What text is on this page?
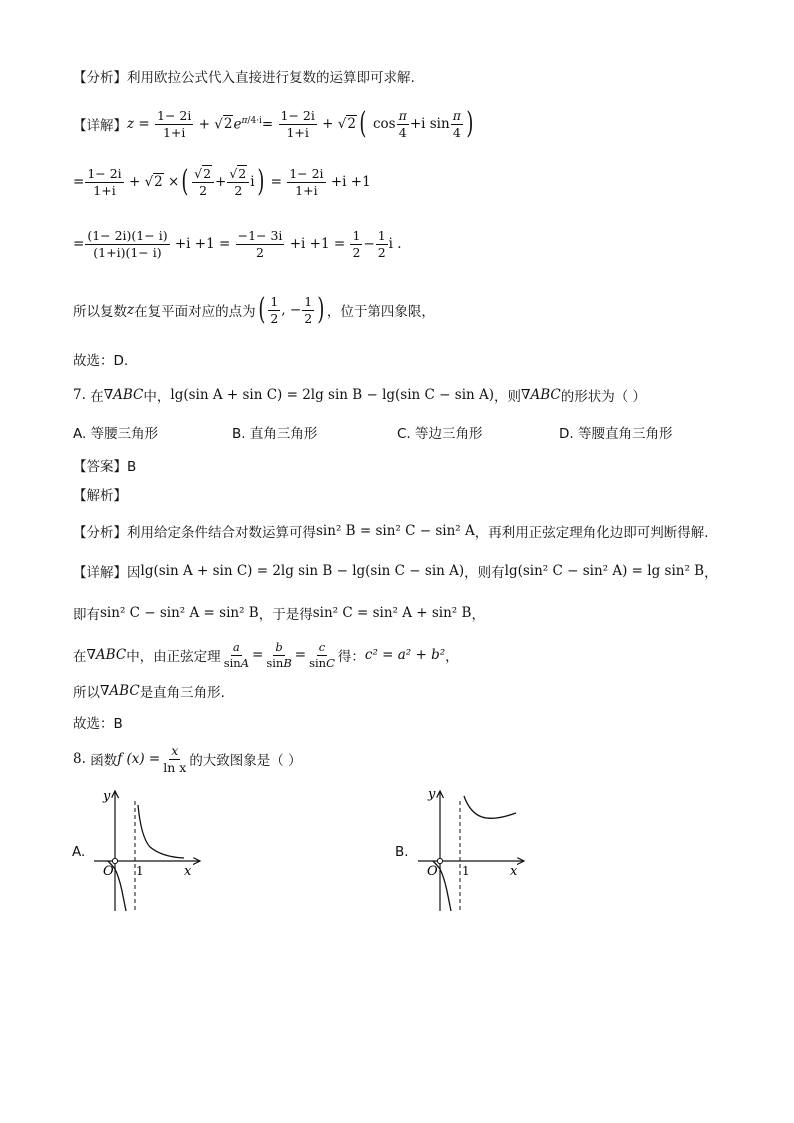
【分析】 利用欧拉公式代入直接进行复数的运算即可求解.
【详解】 $z = \frac{1- 2i}{1+i} + √2e^{\pi/4\cdot i}= \frac{1- 2i}{1+i} + √2$ ( $\cos \frac{\pi}{4} +i$ $\sin \frac{\pi}{4}$ )
= $\frac{1- 2i}{1+i} + √2$ × ( $\frac{√2}{2} + \frac{√2}{2}$ i ) = $\frac{1- 2i}{1+i} +i +1$
= $\frac{(1- 2i)(1- i)}{(1+i)(1- i)} +i +1 = \frac{-1- 3i}{2} +i +1 = \frac{1}{2} - \frac{1}{2}$ i .
所以复数 z 在复平面对应的点为 ( $\frac{1}{2}$ , − $\frac{1}{2}$ ) ，位于第四象限，
故选：D.
7.
在 ∇ABC 中， lg(sin A + sin C) = 2lg sin B − lg(sin C − sin A) ，则 ∇ABC 的形状为（ ）
A. 等腰三角形	B. 直角三角形	C. 等边三角形	D. 等腰直角三角形
【答案】B
【解析】
【分析】 利用给定条件结合对数运算可得 sin² B = sin² C − sin² A ，再利用正弦定理角化边即可判断得解.
【详解】 因 lg(sin A + sin C) = 2lg sin B − lg(sin C − sin A) ，则有 lg(sin² C − sin² A) = lg sin² B ，
即有 sin² C − sin² A = sin² B ，于是得 sin² C = sin² A + sin² B ，
在 ∇ABC 中，由正弦定理 $\frac{a}{\sin A} = \frac{b}{\sin B} = \frac{c}{\sin C}$ 得： c² = a² + b² ，
所以 ∇ABC 是直角三角形.
故选：B
8.
函数 f $(x) = \frac{x}{\text{ln x}}$ 的大致图象是（ ）
A.
y
O 1	x
B.
y
O 1	x
